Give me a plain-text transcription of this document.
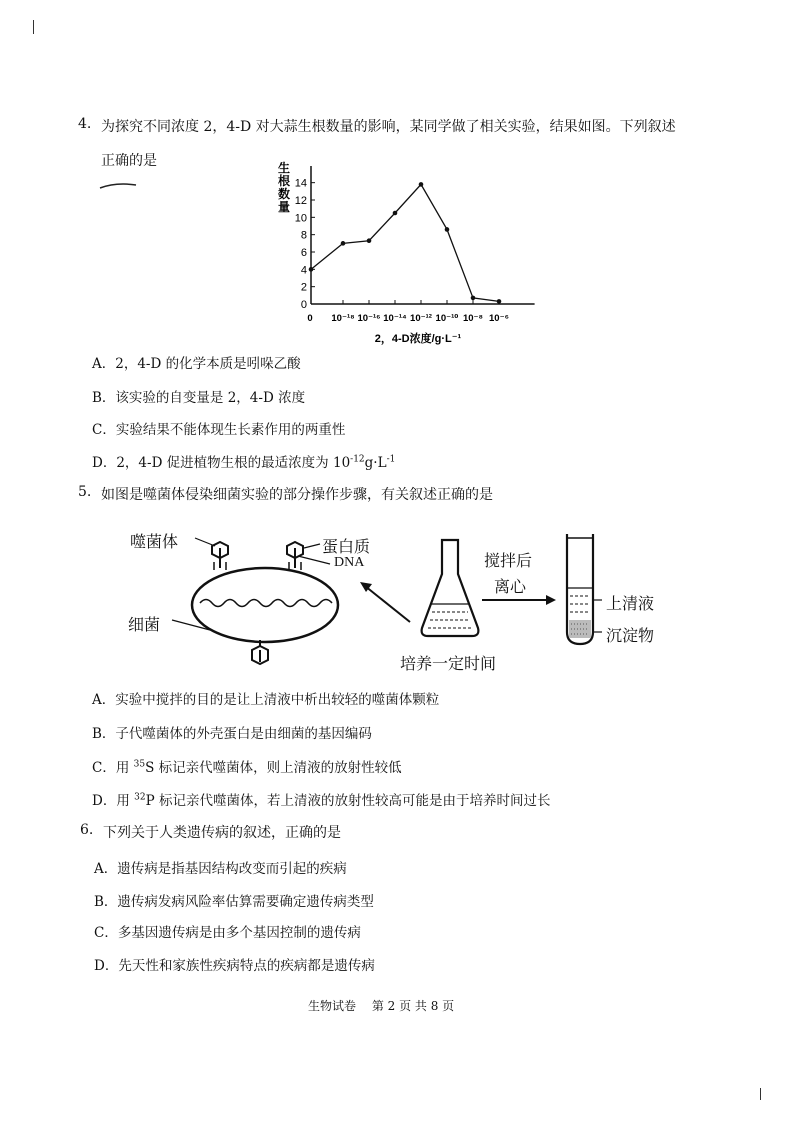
4. 为探究不同浓度 2，4-D 对大蒜生根数量的影响，某同学做了相关实验，结果如图。下列叙述
正确的是	生
根
数
量
0
2
4
6
8
10
12
14
0 10⁻¹⁸ 10⁻¹⁶ 10⁻¹⁴ 10⁻¹² 10⁻¹⁰ 10⁻⁸ 10⁻⁶
2，4-D浓度/g·L⁻¹
A．2，4-D 的化学本质是吲哚乙酸
B．该实验的自变量是 2，4-D 浓度
C．实验结果不能体现生长素作用的两重性
D．2，4-D 促进植物生根的最适浓度为 $10^{-12}g\cdot L^{-1}$
5. 如图是噬菌体侵染细菌实验的部分操作步骤，有关叙述正确的是
噬菌体	蛋白质
DNA
细菌
搅拌后
离心
上清液
沉淀物
培养一定时间
A．实验中搅拌的目的是让上清液中析出较轻的噬菌体颗粒
B．子代噬菌体的外壳蛋白是由细菌的基因编码
C．用 $^{35}$S 标记亲代噬菌体，则上清液的放射性较低
D．用 $^{32}$P 标记亲代噬菌体，若上清液的放射性较高可能是由于培养时间过长
6. 下列关于人类遗传病的叙述，正确的是
A．遗传病是指基因结构改变而引起的疾病
B．遗传病发病风险率估算需要确定遗传病类型
C．多基因遗传病是由多个基因控制的遗传病
D．先天性和家族性疾病特点的疾病都是遗传病
生物试卷　 第 2 页 共 8 页
